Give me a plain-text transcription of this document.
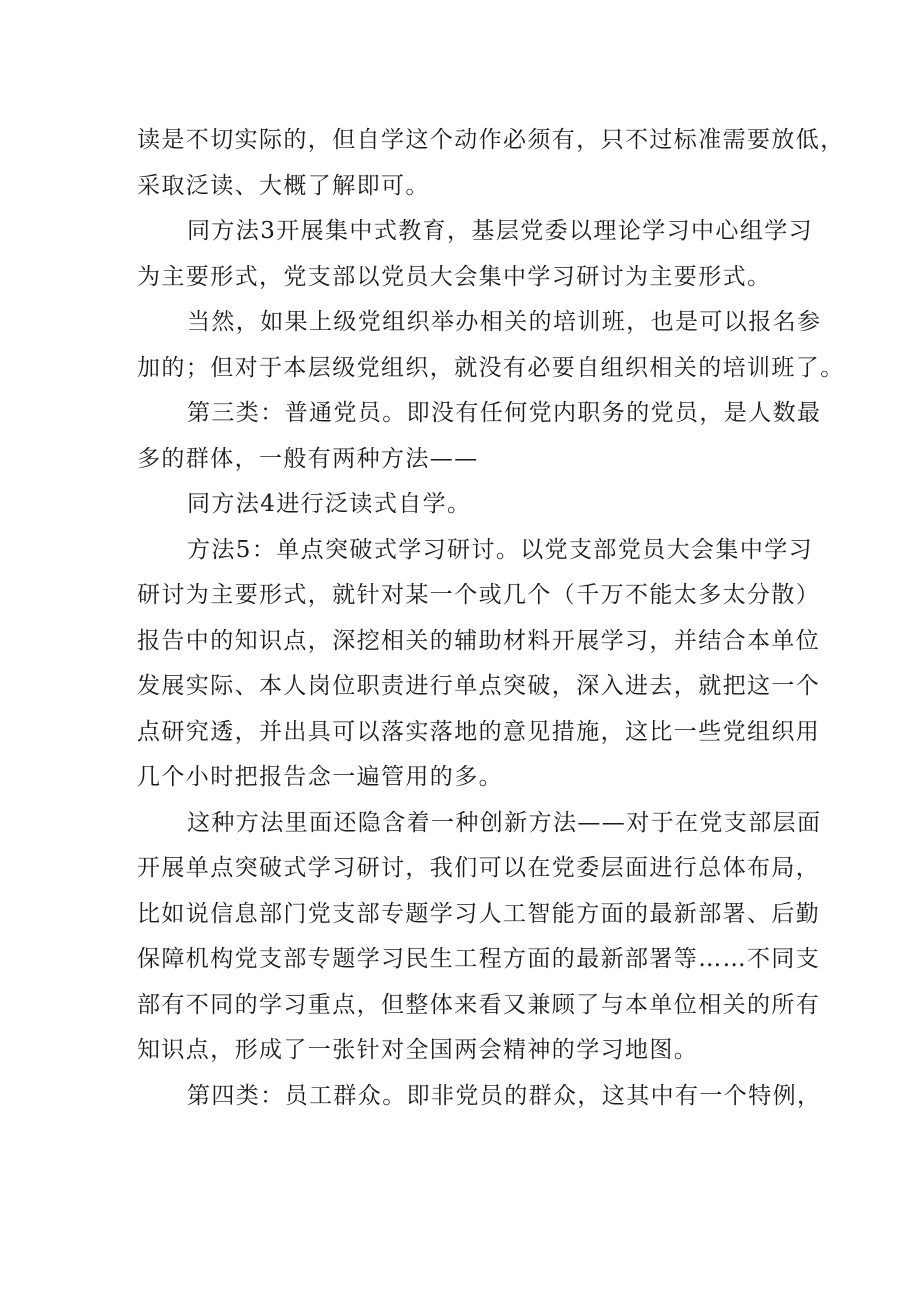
读是不切实际的，但自学这个动作必须有，只不过标准需要放低，
采取泛读、大概了解即可。
同方法3开展集中式教育，基层党委以理论学习中心组学习
为主要形式，党支部以党员大会集中学习研讨为主要形式。
当然，如果上级党组织举办相关的培训班，也是可以报名参
加的；但对于本层级党组织，就没有必要自组织相关的培训班了。
第三类：普通党员。即没有任何党内职务的党员，是人数最
多的群体，一般有两种方法——
同方法4进行泛读式自学。
方法5：单点突破式学习研讨。以党支部党员大会集中学习
研讨为主要形式，就针对某一个或几个（千万不能太多太分散）
报告中的知识点，深挖相关的辅助材料开展学习，并结合本单位
发展实际、本人岗位职责进行单点突破，深入进去，就把这一个
点研究透，并出具可以落实落地的意见措施，这比一些党组织用
几个小时把报告念一遍管用的多。
这种方法里面还隐含着一种创新方法——对于在党支部层面
开展单点突破式学习研讨，我们可以在党委层面进行总体布局，
比如说信息部门党支部专题学习人工智能方面的最新部署、后勤
保障机构党支部专题学习民生工程方面的最新部署等……不同支
部有不同的学习重点，但整体来看又兼顾了与本单位相关的所有
知识点，形成了一张针对全国两会精神的学习地图。
第四类：员工群众。即非党员的群众，这其中有一个特例，
